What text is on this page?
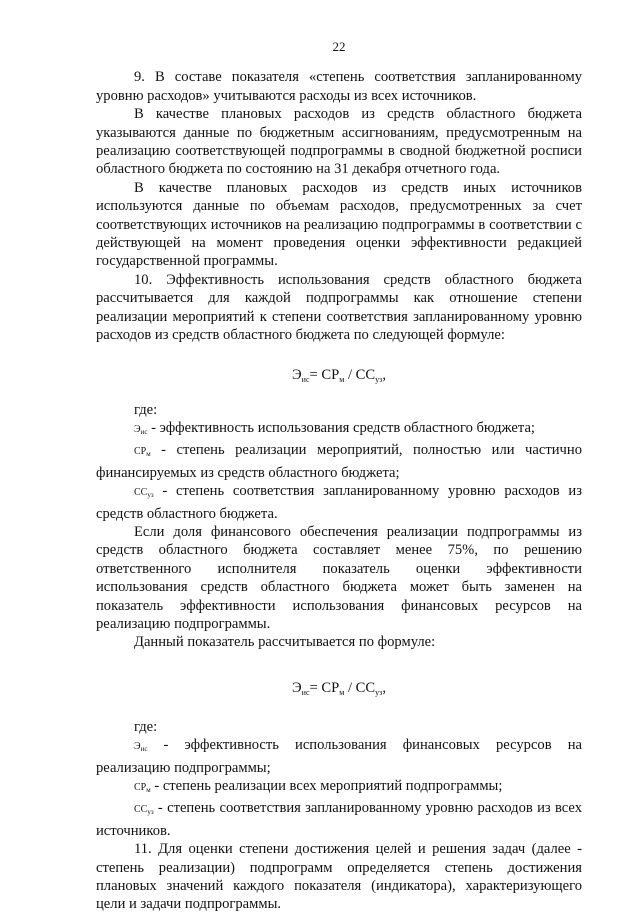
22

9. В составе показателя «степень соответствия запланированному уровню расходов» учитываются расходы из всех источников.

В качестве плановых расходов из средств областного бюджета указываются данные по бюджетным ассигнованиям, предусмотренным на реализацию соответствующей подпрограммы в сводной бюджетной росписи областного бюджета по состоянию на 31 декабря отчетного года.

В качестве плановых расходов из средств иных источников используются данные по объемам расходов, предусмотренных за счет соответствующих источников на реализацию подпрограммы в соответствии с действующей на момент проведения оценки эффективности редакцией государственной программы.

10. Эффективность использования средств областного бюджета рассчитывается для каждой подпрограммы как отношение степени реализации мероприятий к степени соответствия запланированному уровню расходов из средств областного бюджета по следующей формуле:

$Э_{ис}= СР_м / СС_{уз}$,
где:

$Э_{ис}$ - эффективность использования средств областного бюджета;

$СР_м$ - степень реализации мероприятий, полностью или частично финансируемых из средств областного бюджета;

$СС_{уз}$ - степень соответствия запланированному уровню расходов из средств областного бюджета.

Если доля финансового обеспечения реализации подпрограммы из средств областного бюджета составляет менее 75%, по решению ответственного исполнителя показатель оценки эффективности использования средств областного бюджета может быть заменен на показатель эффективности использования финансовых ресурсов на реализацию подпрограммы.

Данный показатель рассчитывается по формуле:

$Э_{ис}= СР_м / СС_{уз}$,
где:

$Э_{ис}$ - эффективность использования финансовых ресурсов на реализацию подпрограммы;

$СР_м$ - степень реализации всех мероприятий подпрограммы;

$СС_{уз}$ - степень соответствия запланированному уровню расходов из всех источников.

11. Для оценки степени достижения целей и решения задач (далее - степень реализации) подпрограмм определяется степень достижения плановых значений каждого показателя (индикатора), характеризующего цели и задачи подпрограммы.
